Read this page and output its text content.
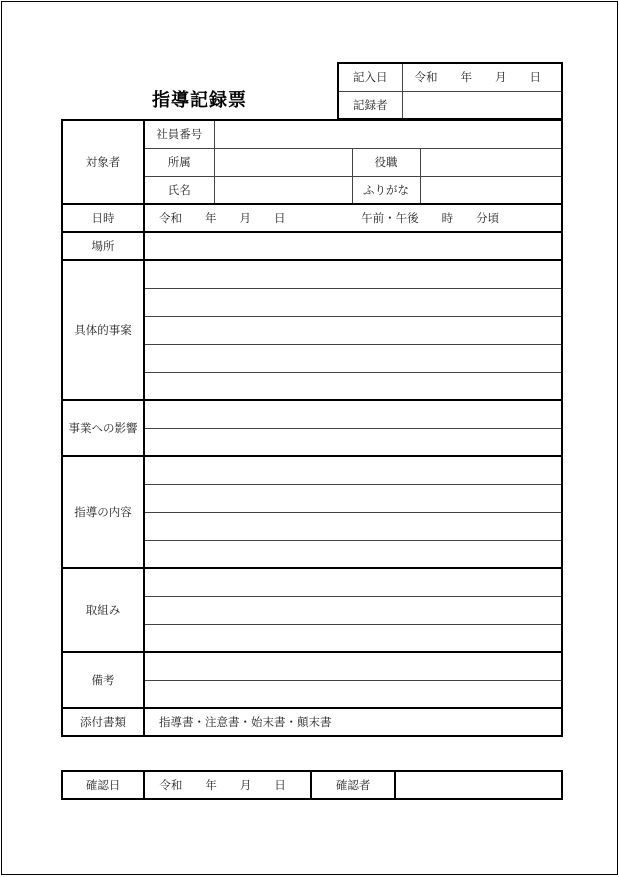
指導記録票
記入日	令和　　年　　月　　日
記録者	
対象者	社員番号			
	所属		役職	
	氏名		ふりがな	
日時	令和　　年　　月　　日 午前・午後　　時　　分頃			
場所				
具体的事案				

事業への影響				

指導の内容				

取組み				

備考				

添付書類	指導書・注意書・始末書・顛末書			
確認日	令和　　年　　月　　日	確認者	
